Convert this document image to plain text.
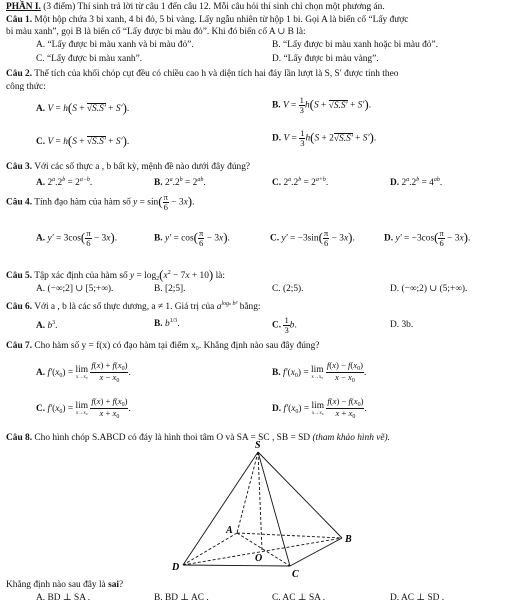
PHẦN I. (3 điểm) Thí sinh trả lời từ câu 1 đến câu 12. Mỗi câu hỏi thí sinh chỉ chọn một phương án.
Câu 1. Một hộp chứa 3 bi xanh, 4 bi đỏ, 5 bi vàng. Lấy ngẫu nhiên từ hộp 1 bi. Gọi A là biến cố “Lấy được
bi màu xanh”, gọi B là biến cố “Lấy được bi màu đỏ”. Khi đó biến cố A ∪ B là:
A. “Lấy được bi màu xanh và bi màu đỏ”.	B. “Lấy được bi màu xanh hoặc bi màu đỏ”.
C. “Lấy được bi màu xanh”.	D. “Lấy được bi màu vàng”.
Câu 2. Thể tích của khối chóp cụt đều có chiều cao h và diện tích hai đáy lần lượt là S, S′ được tính theo
công thức:
A. V = h(S + √S.S′ + S′).	B. $V = \frac{1}{3} h(S + √S.S' + S')$.
C. V = h(S + √S.S′ + S′).	D. $V = \frac{1}{3} h(S + 2√S.S' + S')$.
Câu 3. Với các số thực a , b bất kỳ, mệnh đề nào dưới đây đúng?
A. $2^a.2^b = 2^{a-b}$.	B. $2^a.2^b = 2^{ab}$.	C. $2^a.2^b = 2^{a+b}$.	D. $2^a.2^b = 4^{ab}$.
Câu 4. Tính đạo hàm của hàm số $y = \sin( \frac{\pi}{6} - 3x)$.
A. $y' = 3\cos( \frac{\pi}{6} - 3x)$.	B. $y' = \cos( \frac{\pi}{6} - 3x)$.	C. $y' = -3\sin( \frac{\pi}{6} - 3x)$.	D. $y' = -3\cos( \frac{\pi}{6} - 3x)$.
Câu 5. Tập xác định của hàm số $y = \log_2(x^2 - 7x + 10)$ là:
A. (−∞;2] ∪ [5;+∞).	B. [2;5].	C. (2;5).	D. (−∞;2) ∪ (5;+∞).
Câu 6. Với a , b là các số thực dương, a ≠ 1. Giá trị của $a^{loga b^3}$ bằng:
A. $b^3$.	B. $b^{1/3}$.	C. $\frac{1}{3} b$.	D. 3b.
Câu 7. Cho hàm số y = f(x) có đạo hàm tại điểm x₀. Khẳng định nào sau đây đúng?
A. $f'(x_0) = \lim$
x→x₀
$\frac{f(x) + f(x_0)}{x - x_0}$ .	B. $f'(x_0) = \lim$
x→x₀
$\frac{f(x) - f(x_0)}{x - x_0}$ .
C. $f'(x_0) = \lim$
x→x₀
$\frac{f(x) + f(x_0)}{x + x_0}$ .	D. $f'(x_0) = \lim$
x→x₀
$\frac{f(x) - f(x_0)}{x + x_0}$ .
Câu 8. Cho hình chóp S.ABCD có đáy là hình thoi tâm O và SA = SC , SB = SD (tham khảo hình vẽ).
S
A
B
O
D
C
Khẳng định nào sau đây là sai?
A. BD ⊥ SA .	B. BD ⊥ AC .	C. AC ⊥ SA .	D. AC ⊥ SD .
